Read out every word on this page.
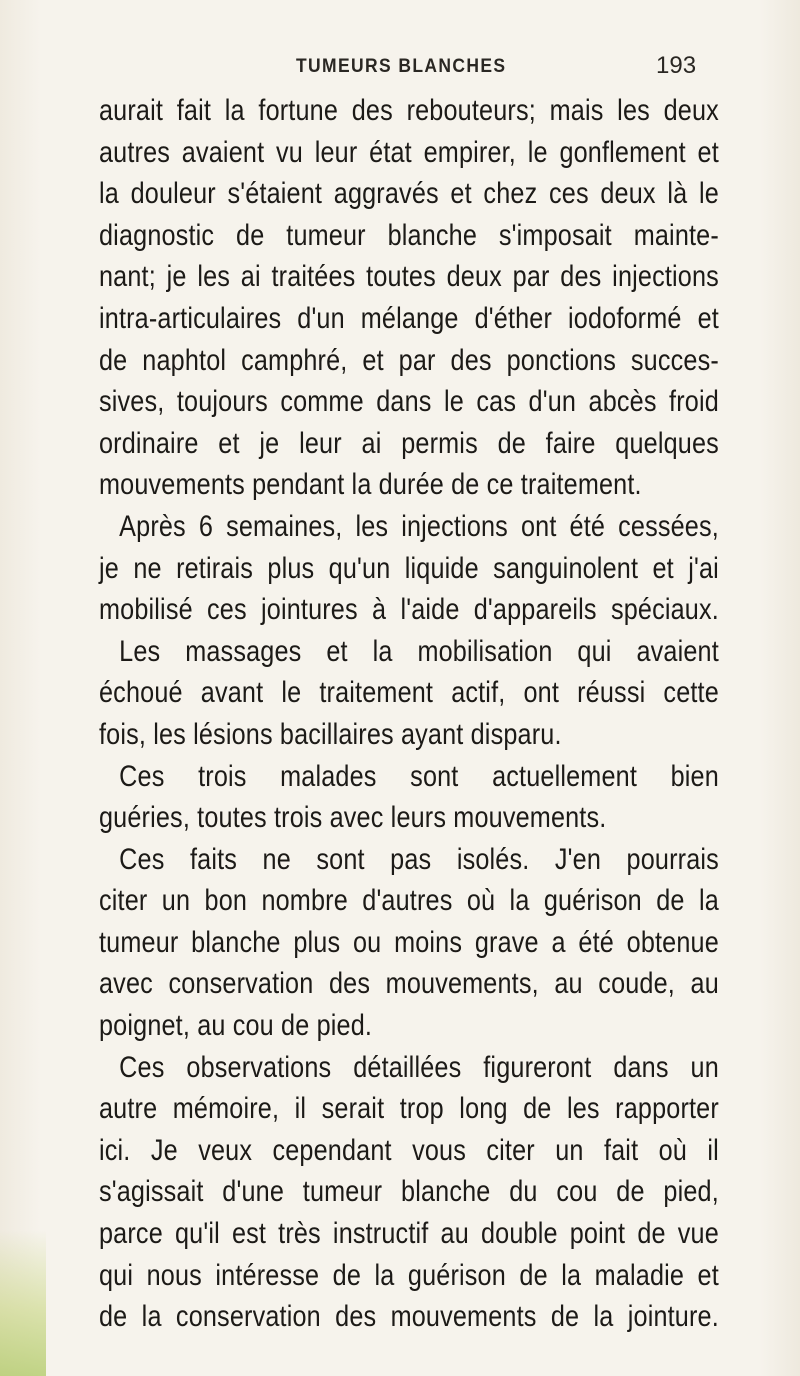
TUMEURS BLANCHES	193
aurait fait la fortune des rebouteurs; mais les deux
autres avaient vu leur état empirer, le gonflement et
la douleur s'étaient aggravés et chez ces deux là le
diagnostic de tumeur blanche s'imposait mainte-
nant; je les ai traitées toutes deux par des injections
intra-articulaires d'un mélange d'éther iodoformé et
de naphtol camphré, et par des ponctions succes-
sives, toujours comme dans le cas d'un abcès froid
ordinaire et je leur ai permis de faire quelques
mouvements pendant la durée de ce traitement.
Après 6 semaines, les injections ont été cessées,
je ne retirais plus qu'un liquide sanguinolent et j'ai
mobilisé ces jointures à l'aide d'appareils spéciaux.
Les massages et la mobilisation qui avaient
échoué avant le traitement actif, ont réussi cette
fois, les lésions bacillaires ayant disparu.
Ces trois malades sont actuellement bien
guéries, toutes trois avec leurs mouvements.
Ces faits ne sont pas isolés. J'en pourrais
citer un bon nombre d'autres où la guérison de la
tumeur blanche plus ou moins grave a été obtenue
avec conservation des mouvements, au coude, au
poignet, au cou de pied.
Ces observations détaillées figureront dans un
autre mémoire, il serait trop long de les rapporter
ici. Je veux cependant vous citer un fait où il
s'agissait d'une tumeur blanche du cou de pied,
parce qu'il est très instructif au double point de vue
qui nous intéresse de la guérison de la maladie et
de la conservation des mouvements de la jointure.
